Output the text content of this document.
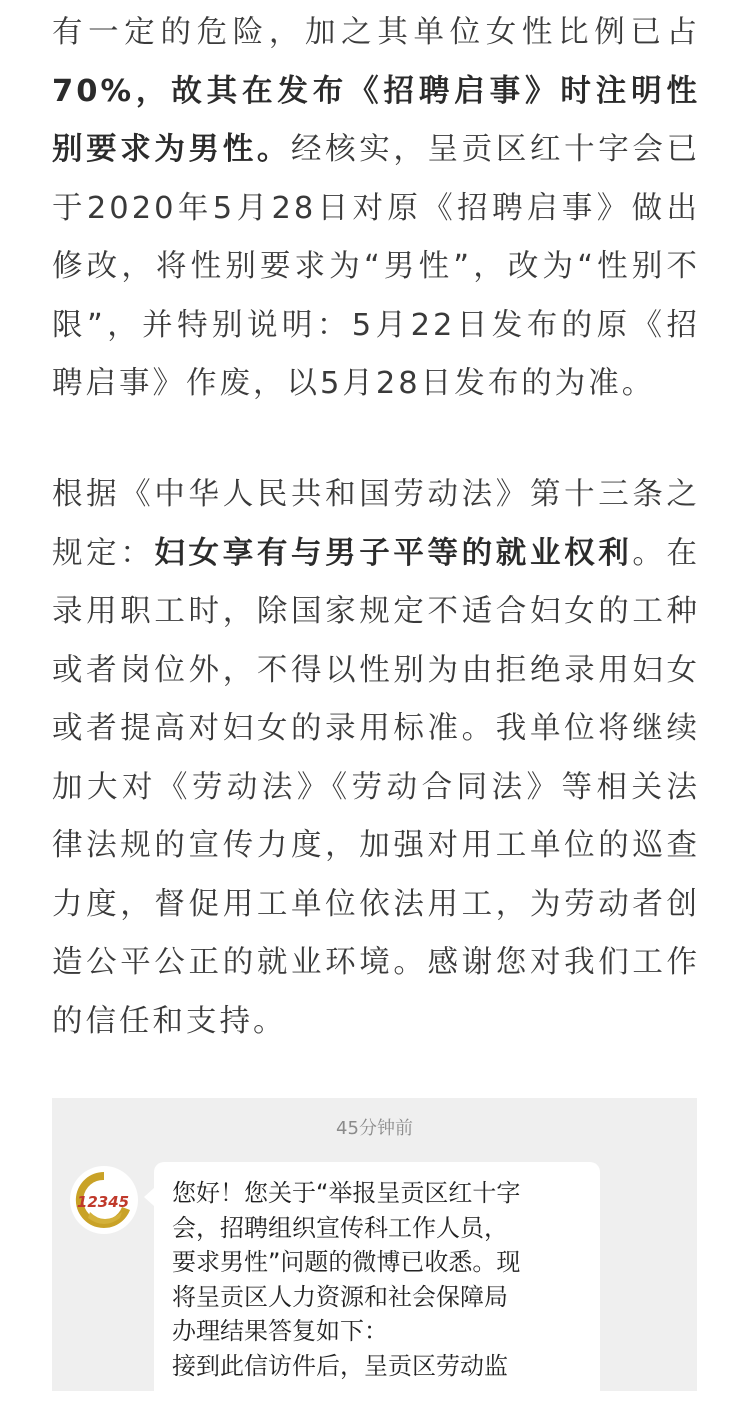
有一定的危险，加之其单位女性比例已占70%，故其在发布《招聘启事》时注明性别要求为男性。经核实，呈贡区红十字会已于2020年5月28日对原《招聘启事》做出修改，将性别要求为“男性”，改为“性别不限”，并特别说明：5月22日发布的原《招聘启事》作废，以5月28日发布的为准。

根据《中华人民共和国劳动法》第十三条之规定：妇女享有与男子平等的就业权利。在录用职工时，除国家规定不适合妇女的工种或者岗位外，不得以性别为由拒绝录用妇女或者提高对妇女的录用标准。我单位将继续加大对《劳动法》《劳动合同法》等相关法律法规的宣传力度，加强对用工单位的巡查力度，督促用工单位依法用工，为劳动者创造公平公正的就业环境。感谢您对我们工作的信任和支持。

45分钟前
12345 您好！您关于“举报呈贡区红十字
会，招聘组织宣传科工作人员，
要求男性”问题的微博已收悉。现
将呈贡区人力资源和社会保障局
办理结果答复如下：
接到此信访件后，呈贡区劳动监
